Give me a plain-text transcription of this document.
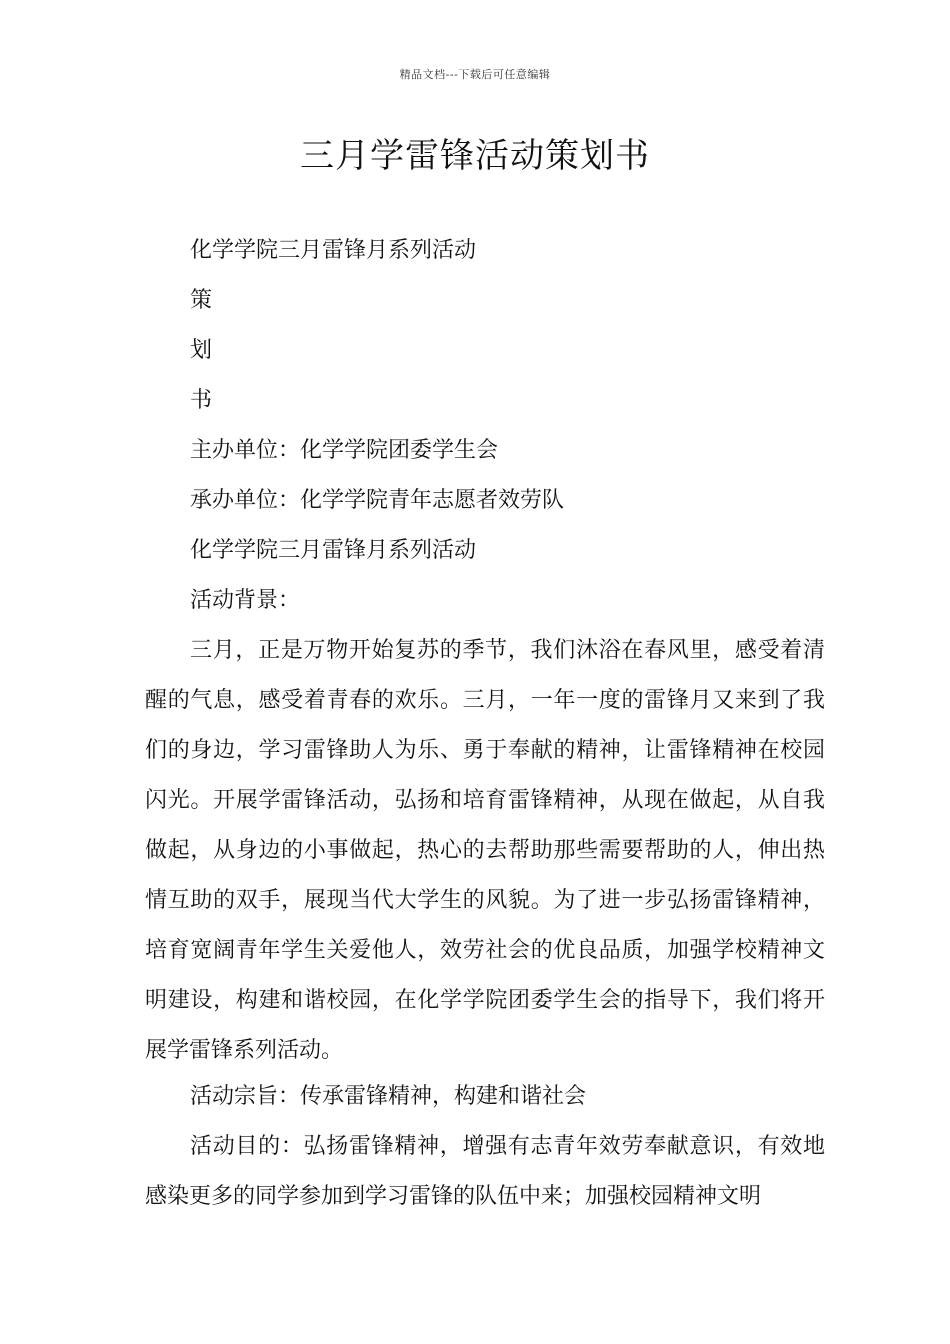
精品文档---下载后可任意编辑
三月学雷锋活动策划书
化学学院三月雷锋月系列活动
策
划
书
主办单位：化学学院团委学生会
承办单位：化学学院青年志愿者效劳队
化学学院三月雷锋月系列活动
活动背景：

三月，正是万物开始复苏的季节，我们沐浴在春风里，感受着清醒的气息，感受着青春的欢乐。三月，一年一度的雷锋月又来到了我们的身边，学习雷锋助人为乐、勇于奉献的精神，让雷锋精神在校园闪光。开展学雷锋活动，弘扬和培育雷锋精神，从现在做起，从自我做起，从身边的小事做起，热心的去帮助那些需要帮助的人，伸出热情互助的双手，展现当代大学生的风貌。为了进一步弘扬雷锋精神，培育宽阔青年学生关爱他人，效劳社会的优良品质，加强学校精神文明建设，构建和谐校园，在化学学院团委学生会的指导下，我们将开展学雷锋系列活动。

活动宗旨：传承雷锋精神，构建和谐社会

活动目的：弘扬雷锋精神，增强有志青年效劳奉献意识，有效地感染更多的同学参加到学习雷锋的队伍中来；加强校园精神文明
